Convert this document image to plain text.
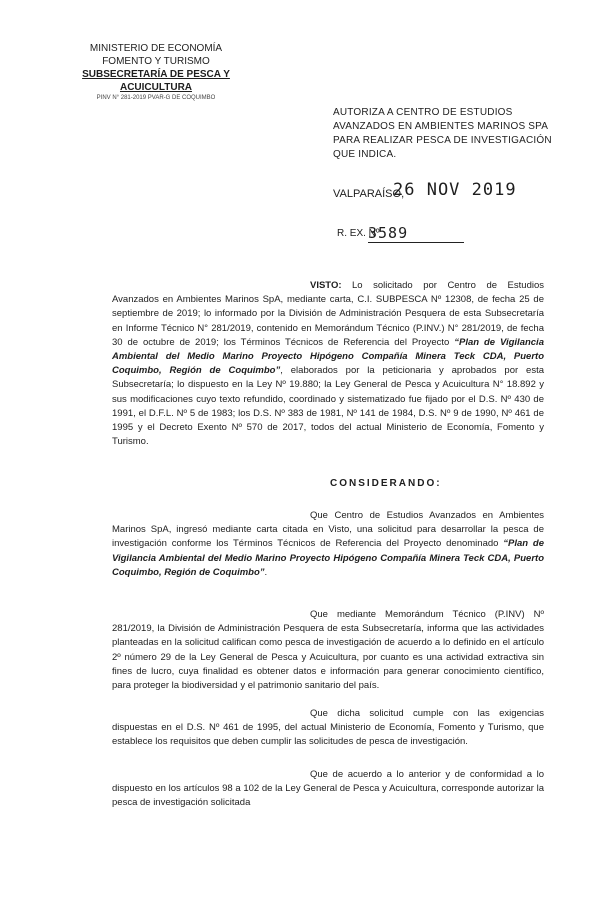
MINISTERIO DE ECONOMÍA
FOMENTO Y TURISMO
SUBSECRETARÍA DE PESCA Y ACUICULTURA
PINV N° 281-2019 PVAR-G DE COQUIMBO
AUTORIZA A CENTRO DE ESTUDIOS AVANZADOS EN AMBIENTES MARINOS SPA PARA REALIZAR PESCA DE INVESTIGACIÓN QUE INDICA.
VALPARAÍSO,
26 NOV 2019
R. EX. Nº
3589

VISTO: Lo solicitado por Centro de Estudios Avanzados en Ambientes Marinos SpA, mediante carta, C.I. SUBPESCA Nº 12308, de fecha 25 de septiembre de 2019; lo informado por la División de Administración Pesquera de esta Subsecretaría en Informe Técnico N° 281/2019, contenido en Memorándum Técnico (P.INV.) N° 281/2019, de fecha 30 de octubre de 2019; los Términos Técnicos de Referencia del Proyecto “Plan de Vigilancia Ambiental del Medio Marino Proyecto Hipógeno Compañía Minera Teck CDA, Puerto Coquimbo, Región de Coquimbo”, elaborados por la peticionaria y aprobados por esta Subsecretaría; lo dispuesto en la Ley Nº 19.880; la Ley General de Pesca y Acuicultura N° 18.892 y sus modificaciones cuyo texto refundido, coordinado y sistematizado fue fijado por el D.S. Nº 430 de 1991, el D.F.L. Nº 5 de 1983; los D.S. Nº 383 de 1981, Nº 141 de 1984, D.S. Nº 9 de 1990, Nº 461 de 1995 y el Decreto Exento Nº 570 de 2017, todos del actual Ministerio de Economía, Fomento y Turismo.

CONSIDERANDO:

Que Centro de Estudios Avanzados en Ambientes Marinos SpA, ingresó mediante carta citada en Visto, una solicitud para desarrollar la pesca de investigación conforme los Términos Técnicos de Referencia del Proyecto denominado “Plan de Vigilancia Ambiental del Medio Marino Proyecto Hipógeno Compañía Minera Teck CDA, Puerto Coquimbo, Región de Coquimbo”.

Que mediante Memorándum Técnico (P.INV) Nº 281/2019, la División de Administración Pesquera de esta Subsecretaría, informa que las actividades planteadas en la solicitud califican como pesca de investigación de acuerdo a lo definido en el artículo 2º número 29 de la Ley General de Pesca y Acuicultura, por cuanto es una actividad extractiva sin fines de lucro, cuya finalidad es obtener datos e información para generar conocimiento científico, para proteger la biodiversidad y el patrimonio sanitario del país.

Que dicha solicitud cumple con las exigencias dispuestas en el D.S. Nº 461 de 1995, del actual Ministerio de Economía, Fomento y Turismo, que establece los requisitos que deben cumplir las solicitudes de pesca de investigación.

Que de acuerdo a lo anterior y de conformidad a lo dispuesto en los artículos 98 a 102 de la Ley General de Pesca y Acuicultura, corresponde autorizar la pesca de investigación solicitada
